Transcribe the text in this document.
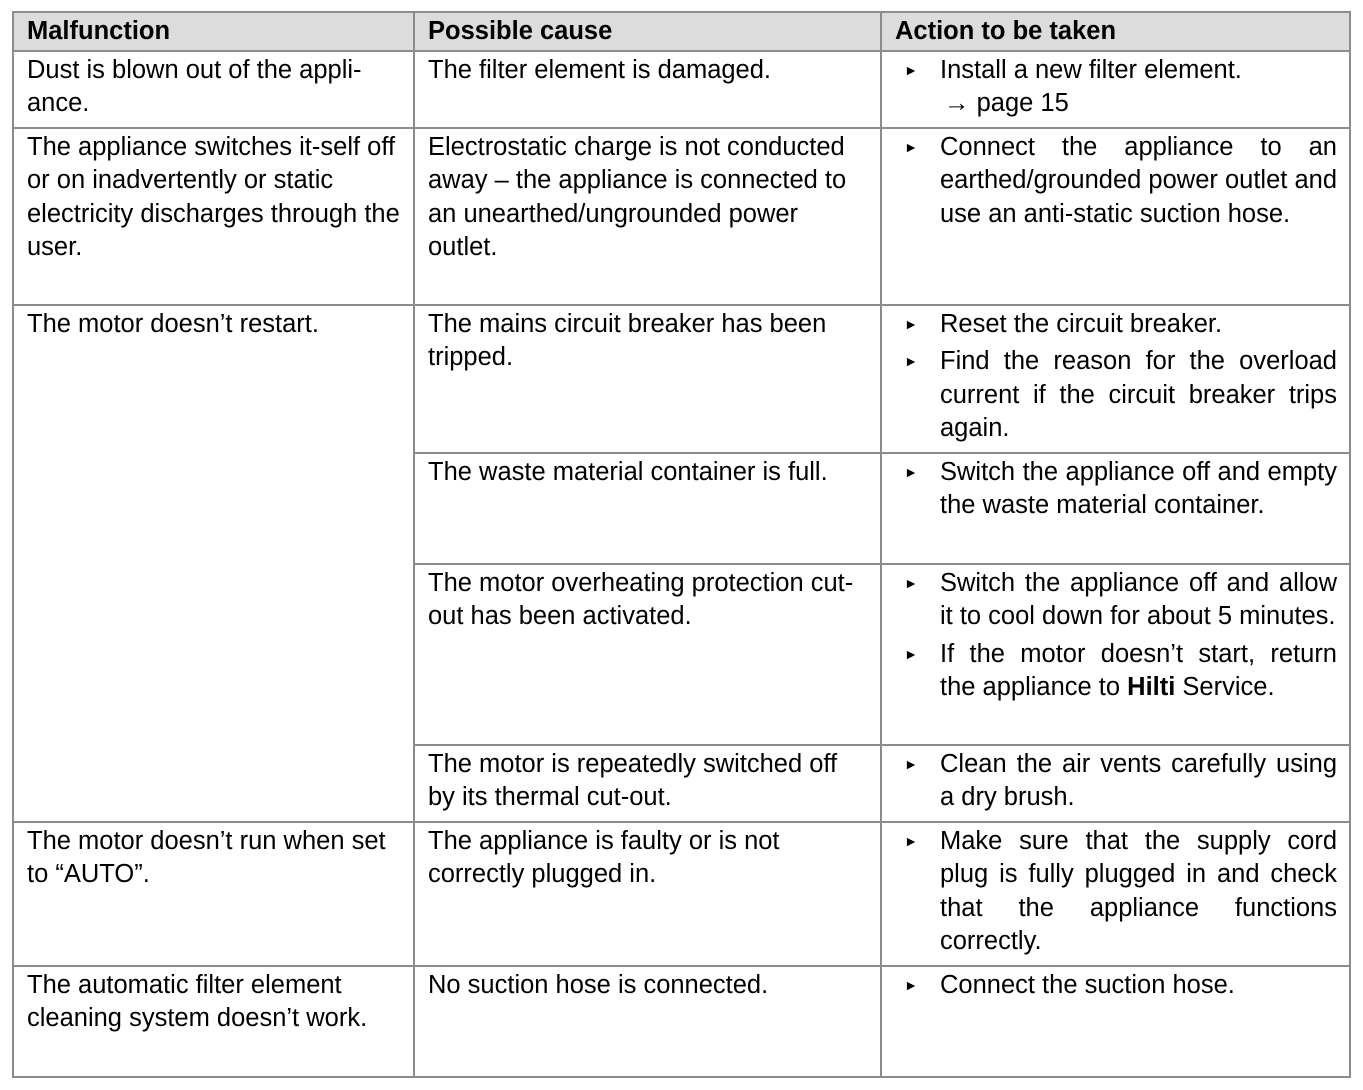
Malfunction	Possible cause	Action to be taken
Dust is blown out of the appli-ance.	The filter element is damaged.	► Install a new filter element.
→ page 15

The appliance switches it-self off or on inadvertently or static electricity discharges through the user.	Electrostatic charge is not conducted away – the appliance is connected to an unearthed/ungrounded power outlet.	► Connect the appliance to an earthed/grounded power outlet and use an anti-static suction hose.

The motor doesn’t restart.	The mains circuit breaker has been tripped.	► Reset the circuit breaker.
► Find the reason for the overload current if the circuit breaker trips again.

	The waste material container is full.	► Switch the appliance off and empty the waste material container.

	The motor overheating protection cut-out has been activated.	► Switch the appliance off and allow it to cool down for about 5 minutes.
► If the motor doesn’t start, return the appliance to Hilti Service.

	The motor is repeatedly switched off by its thermal cut-out.	► Clean the air vents carefully using a dry brush.

The motor doesn’t run when set to “AUTO”.	The appliance is faulty or is not correctly plugged in.	► Make sure that the supply cord plug is fully plugged in and check that the appliance functions correctly.

The automatic filter element cleaning system doesn’t work.	No suction hose is connected.	► Connect the suction hose.
